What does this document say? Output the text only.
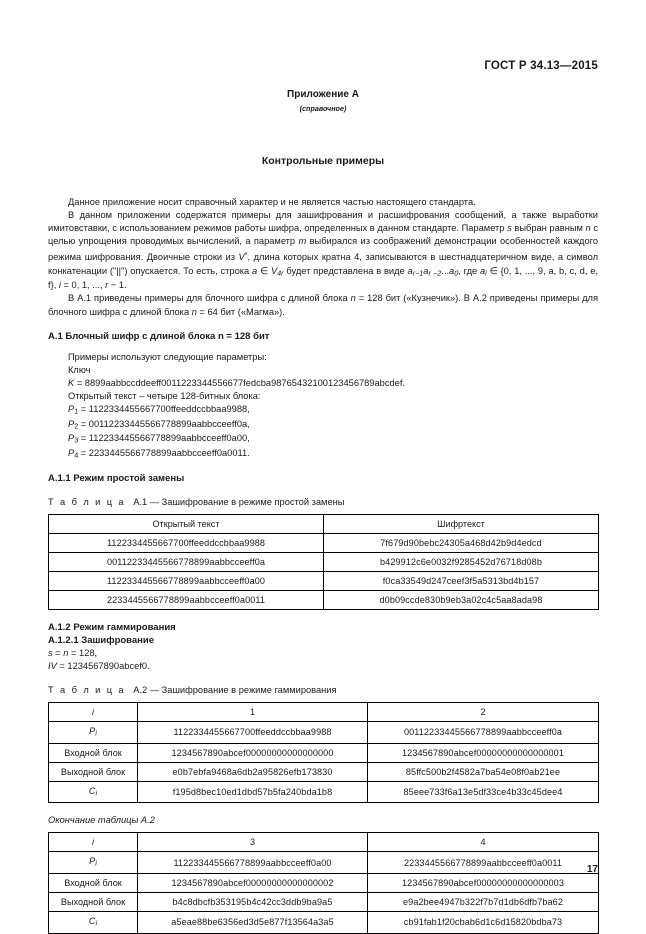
ГОСТ Р 34.13—2015
Приложение А
(справочное)
Контрольные примеры

Данное приложение носит справочный характер и не является частью настоящего стандарта.

В данном приложении содержатся примеры для зашифрования и расшифрования сообщений, а также выработки имитовставки, с использованием режимов работы шифра, определенных в данном стандарте. Параметр s выбран равным n с целью упрощения проводимых вычислений, а параметр m выбирался из соображений демонстрации особенностей каждого режима шифрования. Двоичные строки из V*, длина которых кратна 4, записываются в шестнадцатеричном виде, а символ конкатенации ("||") опускается. То есть, строка a ∈ $V_{4r}$ будет представлена в виде $a_{r-1}a_{r -2}...a_0$, где $a_i$ ∈ {0, 1, ..., 9, a, b, c, d, e, f}, i = 0, 1, ..., r − 1.

В А.1 приведены примеры для блочного шифра с длиной блока n = 128 бит («Кузнечик»). В А.2 приведены примеры для блочного шифра с длиной блока n = 64 бит («Магма»).

А.1 Блочный шифр с длиной блока n = 128 бит

Примеры используют следующие параметры:

Ключ

K = 8899aabbccddeeff0011223344556677fedcba98765432100123456789abcdef.

Открытый текст – четыре 128-битных блока:

P1 = 1122334455667700ffeeddccbbaa9988,

P2 = 00112233445566778899aabbcceeff0a,

P3 = 112233445566778899aabbcceeff0a00,

P4 = 2233445566778899aabbcceeff0a0011.

А.1.1 Режим простой замены

Т а б л и ц а А.1 — Зашифрование в режиме простой замены

Открытый текст	Шифртекст
1122334455667700ffeeddccbbaa9988	7f679d90bebc24305a468d42b9d4edcd
00112233445566778899aabbcceeff0a	b429912c6e0032f9285452d76718d08b
112233445566778899aabbcceeff0a00	f0ca33549d247ceef3f5a5313bd4b157
2233445566778899aabbcceeff0a0011	d0b09ccde830b9eb3a02c4c5aa8ada98

А.1.2 Режим гаммирования

А.1.2.1 Зашифрование

s = n = 128,

IV = 1234567890abcef0.

Т а б л и ц а А.2 — Зашифрование в режиме гаммирования

i	1	2
$P_i$	1122334455667700ffeeddccbbaa9988	00112233445566778899aabbcceeff0a
Входной блок	1234567890abcef00000000000000000	1234567890abcef00000000000000001
Выходной блок	e0b7ebfa9468a6db2a95826efb173830	85ffc500b2f4582a7ba54e08f0ab21ee
$C_i$	f195d8bec10ed1dbd57b5fa240bda1b8	85eee733f6a13e5df33ce4b33c45dee4

Окончание таблицы А.2

i	3	4
$P_i$	112233445566778899aabbcceeff0a00	2233445566778899aabbcceeff0a0011
Входной блок	1234567890abcef00000000000000002	1234567890abcef00000000000000003
Выходной блок	b4c8dbcfb353195b4c42cc3ddb9ba9a5	e9a2bee4947b322f7b7d1db6dfb7ba62
$C_i$	a5eae88be6356ed3d5e877f13564a3a5	cb91fab1f20cbab6d1c6d15820bdba73
17
